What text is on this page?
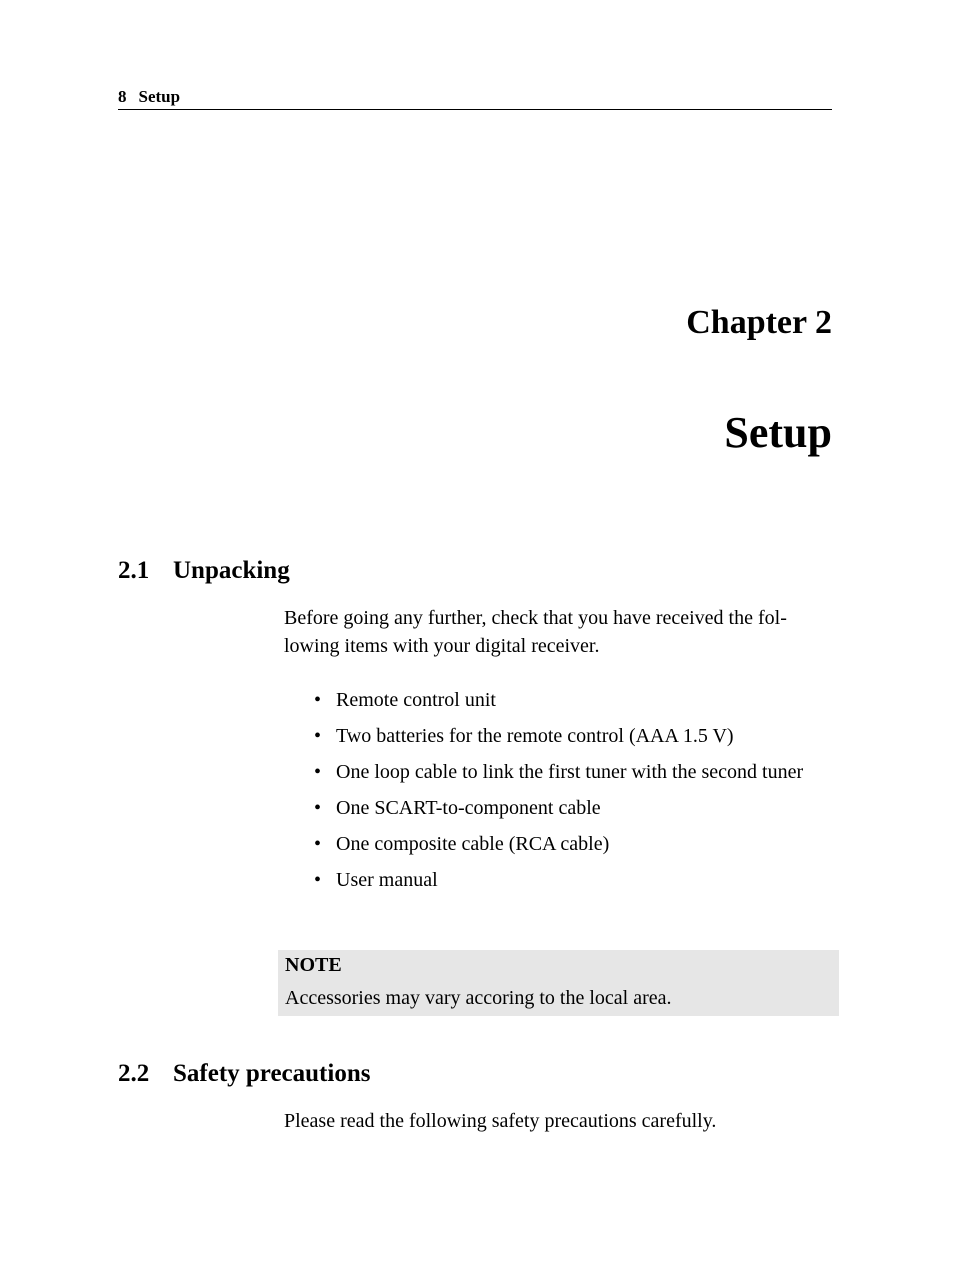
8 Setup
Chapter 2
Setup
2.1 Unpacking
Before going any further, check that you have received the fol-
lowing items with your digital receiver.
• Remote control unit
• Two batteries for the remote control (AAA 1.5 V)
• One loop cable to link the first tuner with the second tuner
• One SCART-to-component cable
• One composite cable (RCA cable)
• User manual
NOTE
Accessories may vary accoring to the local area.
2.2 Safety precautions
Please read the following safety precautions carefully.
